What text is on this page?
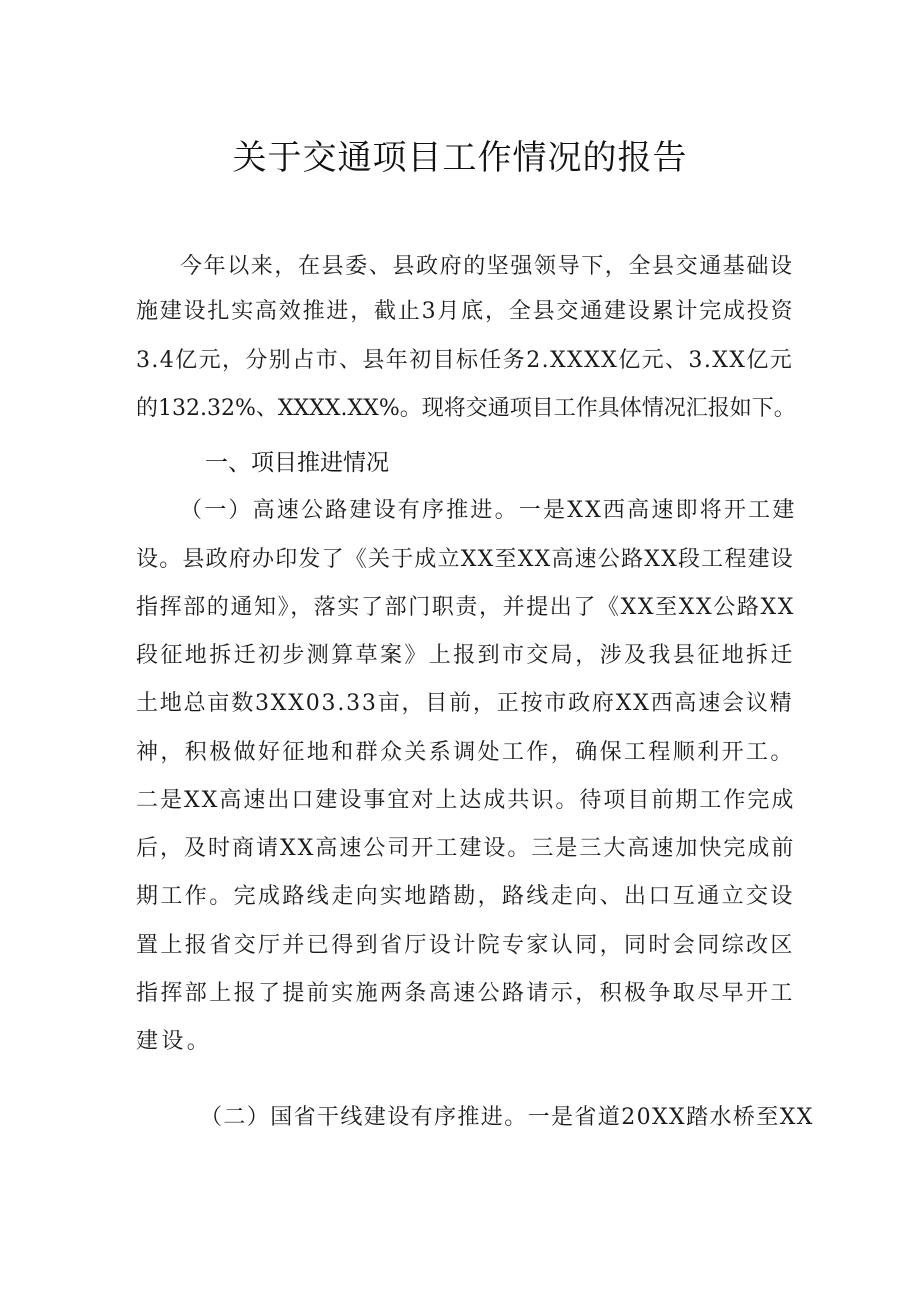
关于交通项目工作情况的报告

今年以来，在县委、县政府的坚强领导下，全县交通基础设

施建设扎实高效推进，截止3月底，全县交通建设累计完成投资

3.4亿元，分别占市、县年初目标任务2.XXXX亿元、3.XX亿元

的132.32%、XXXX.XX%。现将交通项目工作具体情况汇报如下。

一、项目推进情况

（一）高速公路建设有序推进。一是XX西高速即将开工建

设。县政府办印发了《关于成立XX至XX高速公路XX段工程建设

指挥部的通知》，落实了部门职责，并提出了《XX至XX公路XX

段征地拆迁初步测算草案》上报到市交局，涉及我县征地拆迁

土地总亩数3XX03.33亩，目前，正按市政府XX西高速会议精

神，积极做好征地和群众关系调处工作，确保工程顺利开工。

二是XX高速出口建设事宜对上达成共识。待项目前期工作完成

后，及时商请XX高速公司开工建设。三是三大高速加快完成前

期工作。完成路线走向实地踏勘，路线走向、出口互通立交设

置上报省交厅并已得到省厅设计院专家认同，同时会同综改区

指挥部上报了提前实施两条高速公路请示，积极争取尽早开工

建设。

（二）国省干线建设有序推进。一是省道20XX踏水桥至XX
